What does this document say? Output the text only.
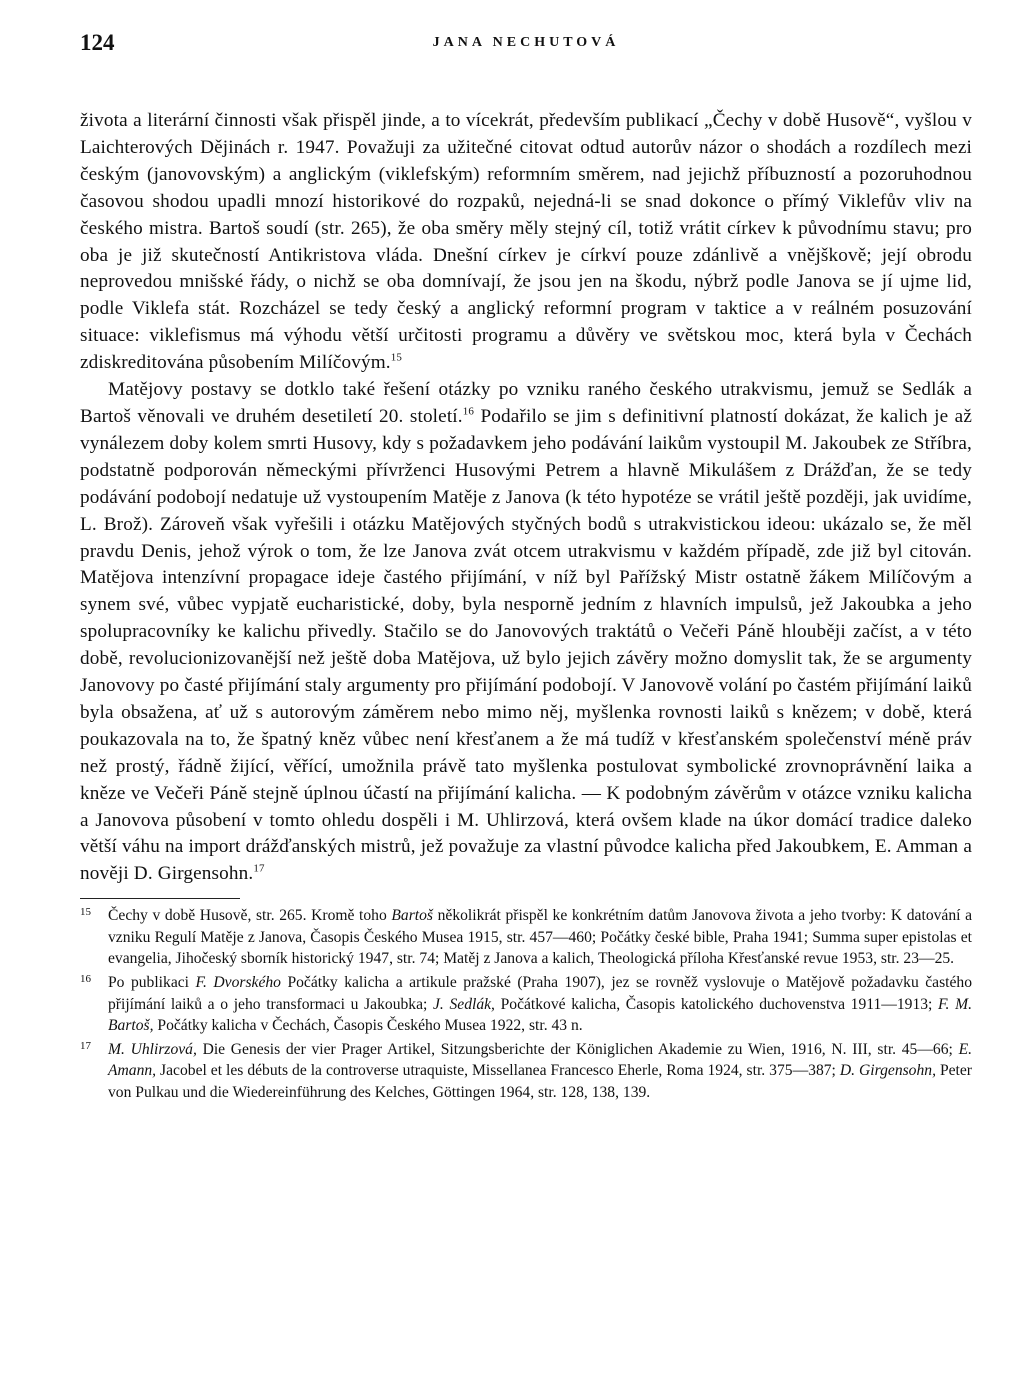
124	JANA NECHUTOVÁ

života a literární činnosti však přispěl jinde, a to vícekrát, především publikací „Čechy v době Husově“, vyšlou v Laichterových Dějinách r. 1947. Považuji za užitečné citovat odtud autorův názor o shodách a rozdílech mezi českým (janovovským) a anglickým (viklefským) reformním směrem, nad jejichž příbuzností a pozoruhodnou časovou shodou upadli mnozí historikové do rozpaků, nejedná-li se snad dokonce o přímý Viklefův vliv na českého mistra. Bartoš soudí (str. 265), že oba směry měly stejný cíl, totiž vrátit církev k původnímu stavu; pro oba je již skutečností Antikristova vláda. Dnešní církev je církví pouze zdánlivě a vnějškově; její obrodu neprovedou mnišské řády, o nichž se oba domnívají, že jsou jen na škodu, nýbrž podle Janova se jí ujme lid, podle Viklefa stát. Rozcházel se tedy český a anglický reformní program v taktice a v reálném posuzování situace: viklefismus má výhodu větší určitosti programu a důvěry ve světskou moc, která byla v Čechách zdiskreditována působením Milíčovým.$^{15}$

Matějovy postavy se dotklo také řešení otázky po vzniku raného českého utrakvismu, jemuž se Sedlák a Bartoš věnovali ve druhém desetiletí 20. století.$^{16}$ Podařilo se jim s definitivní platností dokázat, že kalich je až vynálezem doby kolem smrti Husovy, kdy s požadavkem jeho podávání laikům vystoupil M. Jakoubek ze Stříbra, podstatně podporován německými přívrženci Husovými Petrem a hlavně Mikulášem z Drážďan, že se tedy podávání podobojí nedatuje už vystoupením Matěje z Janova (k této hypotéze se vrátil ještě později, jak uvidíme, L. Brož). Zároveň však vyřešili i otázku Matějových styčných bodů s utrakvistickou ideou: ukázalo se, že měl pravdu Denis, jehož výrok o tom, že lze Janova zvát otcem utrakvismu v každém případě, zde již byl citován. Matějova intenzívní propagace ideje častého přijímání, v níž byl Pařížský Mistr ostatně žákem Milíčovým a synem své, vůbec vypjatě eucharistické, doby, byla nesporně jedním z hlavních impulsů, jež Jakoubka a jeho spolupracovníky ke kalichu přivedly. Stačilo se do Janovových traktátů o Večeři Páně hlouběji začíst, a v této době, revolucionizovanější než ještě doba Matějova, už bylo jejich závěry možno domyslit tak, že se argumenty Janovovy po časté přijímání staly argumenty pro přijímání podobojí. V Janovově volání po častém přijímání laiků byla obsažena, ať už s autorovým záměrem nebo mimo něj, myšlenka rovnosti laiků s knězem; v době, která poukazovala na to, že špatný kněz vůbec není křesťanem a že má tudíž v křesťanském společenství méně práv než prostý, řádně žijící, věřící, umožnila právě tato myšlenka postulovat symbolické zrovnoprávnění laika a kněze ve Večeři Páně stejně úplnou účastí na přijímání kalicha. — K podobným závěrům v otázce vzniku kalicha a Janovova působení v tomto ohledu dospěli i M. Uhlirzová, která ovšem klade na úkor domácí tradice daleko větší váhu na import drážďanských mistrů, jež považuje za vlastní původce kalicha před Jakoubkem, E. Amman a nověji D. Girgensohn.$^{17}$

15 Čechy v době Husově, str. 265. Kromě toho Bartoš několikrát přispěl ke konkrétním datům Janovova života a jeho tvorby: K datování a vzniku Regulí Matěje z Janova, Časopis Českého Musea 1915, str. 457—460; Počátky české bible, Praha 1941; Summa super epistolas et evangelia, Jihočeský sborník historický 1947, str. 74; Matěj z Janova a kalich, Theologická příloha Křesťanské revue 1953, str. 23—25.
16 Po publikaci F. Dvorského Počátky kalicha a artikule pražské (Praha 1907), jez se rovněž vyslovuje o Matějově požadavku častého přijímání laiků a o jeho transformaci u Jakoubka; J. Sedlák, Počátkové kalicha, Časopis katolického duchovenstva 1911—1913; F. M. Bartoš, Počátky kalicha v Čechách, Časopis Českého Musea 1922, str. 43 n.
17 M. Uhlirzová, Die Genesis der vier Prager Artikel, Sitzungsberichte der Königlichen Akademie zu Wien, 1916, N. III, str. 45—66; E. Amann, Jacobel et les débuts de la controverse utraquiste, Missellanea Francesco Eherle, Roma 1924, str. 375—387; D. Girgensohn, Peter von Pulkau und die Wiedereinführung des Kelches, Göttingen 1964, str. 128, 138, 139.
